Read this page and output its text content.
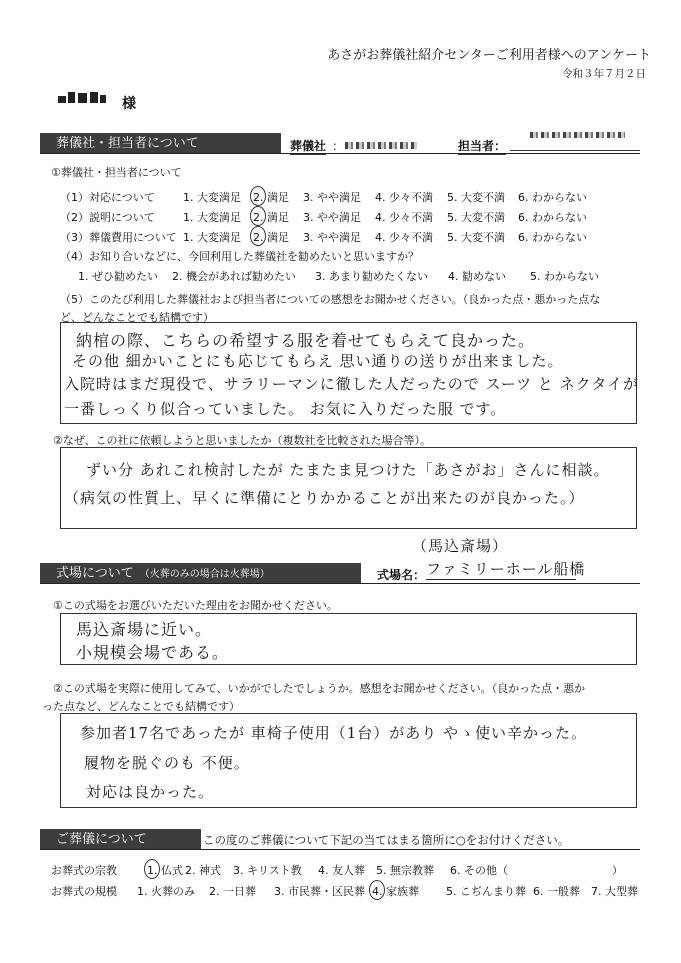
あさがお葬儀社紹介センターご利用者様へのアンケート
令和３年７月２日
様
葬儀社・担当者について	葬儀社 ：	担当者：
①葬儀社・担当者について
（1）対応について	1. 大変満足 2. 満足 3. やや満足 4. 少々不満 5. 大変不満 6. わからない
（2）説明について	1. 大変満足 2. 満足 3. やや満足 4. 少々不満 5. 大変不満 6. わからない
（3）葬儀費用について 1. 大変満足 2. 満足 3. やや満足 4. 少々不満 5. 大変不満 6. わからない
（4）お知り合いなどに、今回利用した葬儀社を勧めたいと思いますか？
1. ぜひ勧めたい 2. 機会があれば勧めたい 3. あまり勧めたくない 4. 勧めない 5. わからない
（5）このたび利用した葬儀社および担当者についての感想をお聞かせください。（良かった点・悪かった点な
ど、どんなことでも結構です）
納棺の際、こちらの希望する服を着せてもらえて良かった。
その他 細かいことにも応じてもらえ 思い通りの送りが出来ました。
入院時はまだ現役で、サラリーマンに徹した人だったので スーツ と ネクタイが
一番しっくり似合っていました。 お気に入りだった服 です。
②なぜ、この社に依頼しようと思いましたか（複数社を比較された場合等）。
ずい分 あれこれ検討したが たまたま見つけた「あさがお」さんに相談。
（病気の性質上、早くに準備にとりかかることが出来たのが良かった。）
（馬込斎場）
式場について （火葬のみの場合は火葬場）	式場名： ファミリーホール船橋
①この式場をお選びいただいた理由をお聞かせください。
馬込斎場に近い。
小規模会場である。
②この式場を実際に使用してみて、いかがでしたでしょうか。感想をお聞かせください。（良かった点・悪か
った点など、どんなことでも結構です）
参加者17名であったが 車椅子使用（1台）があり やゝ使い辛かった。
履物を脱ぐのも 不便。
対応は良かった。
ご葬儀について	この度のご葬儀について下記の当てはまる箇所に○をお付けください。
お葬式の宗教	1. 仏式 2. 神式 3. キリスト教 4. 友人葬 5. 無宗教葬 6. その他（	）
お葬式の規模 1. 火葬のみ 2. 一日葬 3. 市民葬・区民葬 4. 家族葬 5. こぢんまり葬 6. 一般葬 7. 大型葬
